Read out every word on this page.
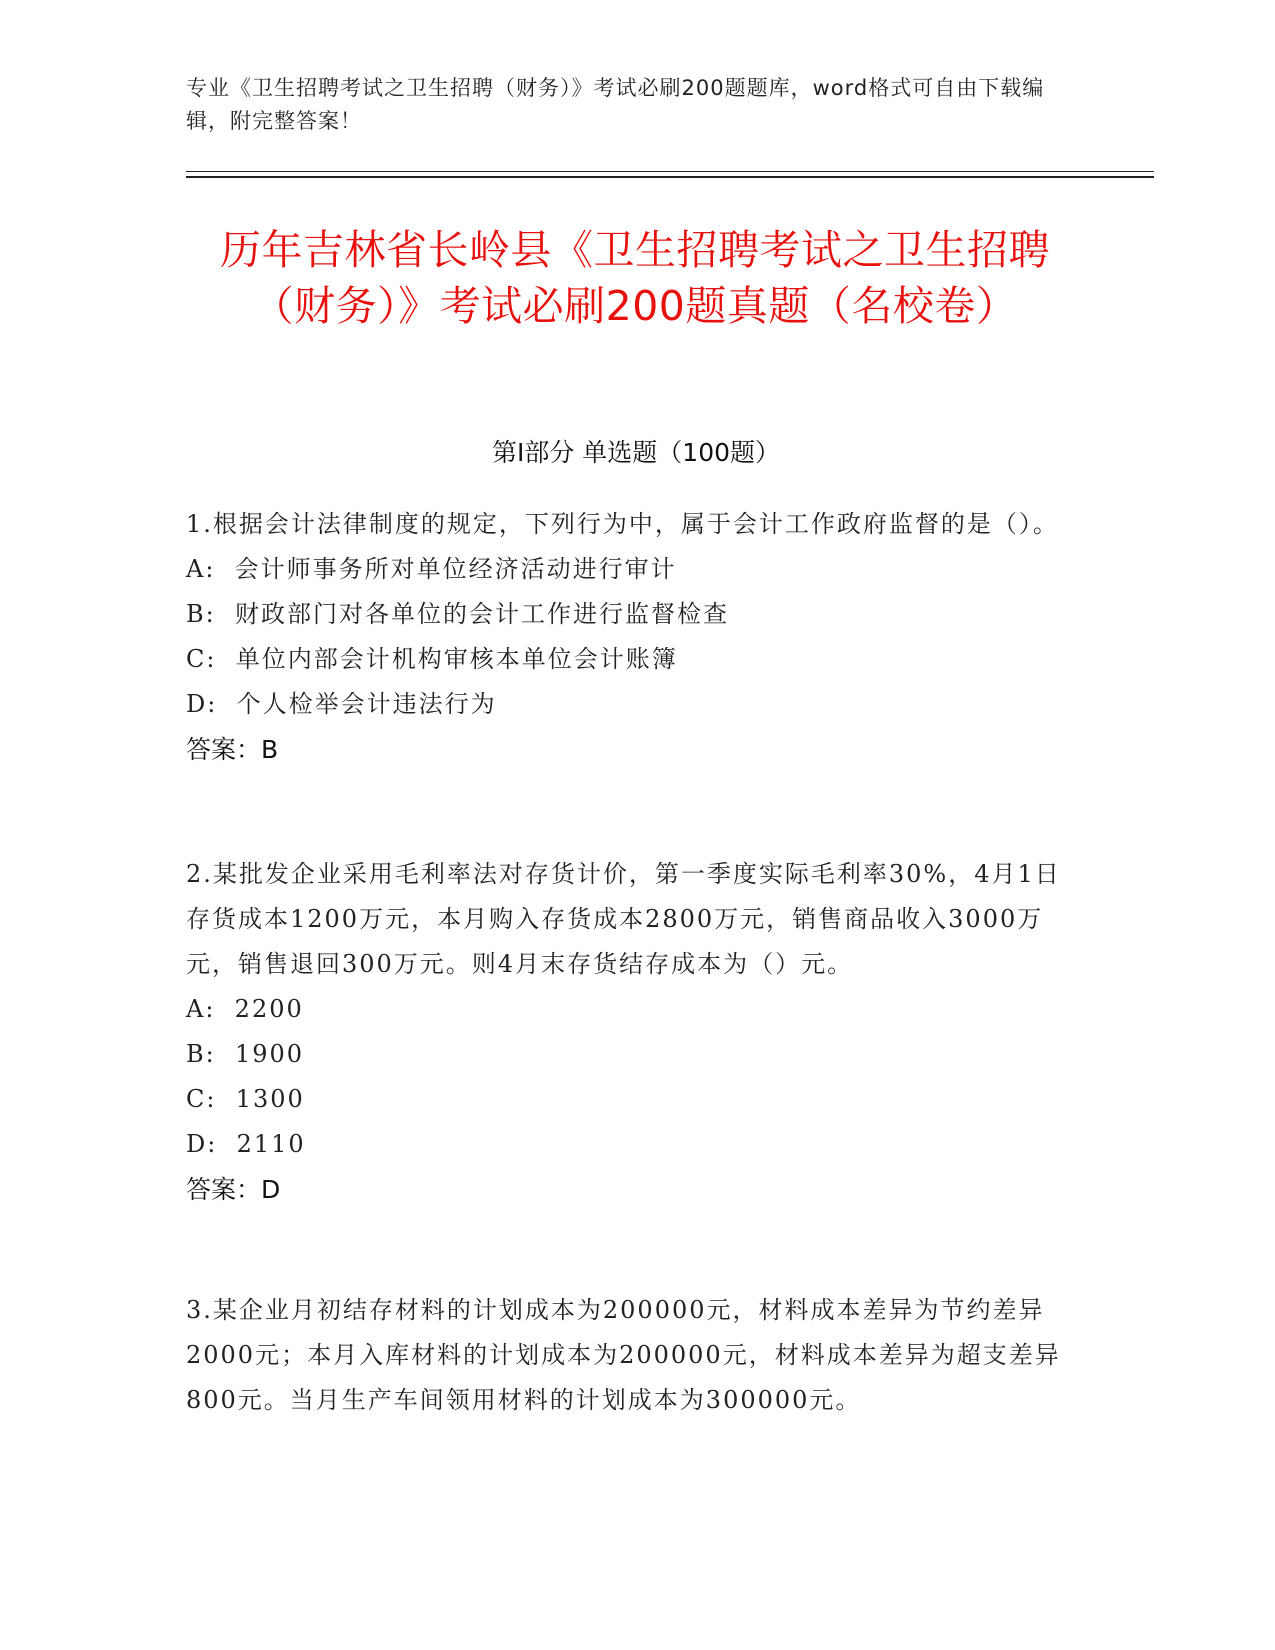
专业《卫生招聘考试之卫生招聘（财务）》考试必刷200题题库，word格式可自由下载编辑，附完整答案！
历年吉林省长岭县《卫生招聘考试之卫生招聘（财务）》考试必刷200题真题（名校卷）
第Ⅰ部分 单选题（100题）
1.根据会计法律制度的规定，下列行为中，属于会计工作政府监督的是（）。
A:  会计师事务所对单位经济活动进行审计
B:  财政部门对各单位的会计工作进行监督检查
C:  单位内部会计机构审核本单位会计账簿
D:  个人检举会计违法行为
答案：B
2.某批发企业采用毛利率法对存货计价，第一季度实际毛利率30%，4月1日存货成本1200万元，本月购入存货成本2800万元，销售商品收入3000万元，销售退回300万元。则4月末存货结存成本为（）元。
A:  2200
B:  1900
C:  1300
D:  2110
答案：D
3.某企业月初结存材料的计划成本为200000元，材料成本差异为节约差异2000元；本月入库材料的计划成本为200000元，材料成本差异为超支差异800元。当月生产车间领用材料的计划成本为300000元。
